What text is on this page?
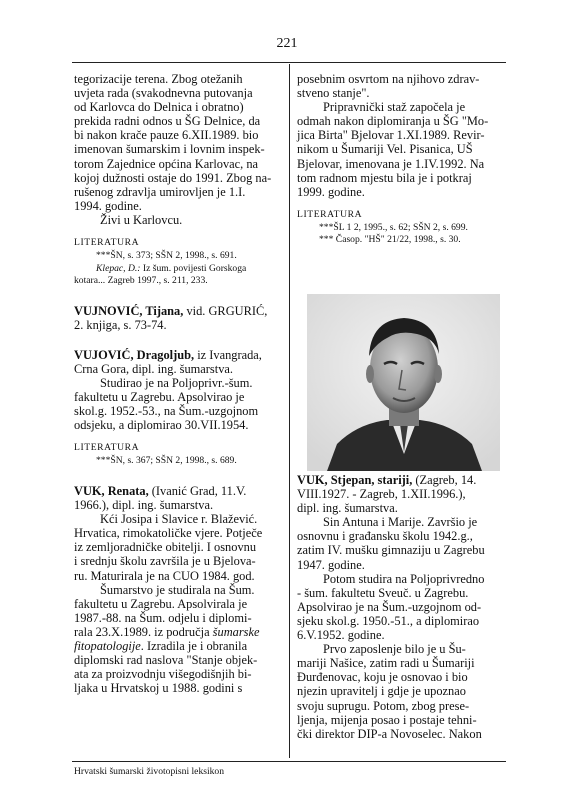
221
tegorizacije terena. Zbog otežanih
uvjeta rada (svakodnevna putovanja
od Karlovca do Delnica i obratno)
prekida radni odnos u ŠG Delnice, da
bi nakon krače pauze 6.XII.1989. bio
imenovan šumarskim i lovnim inspek-
torom Zajednice općina Karlovac, na
kojoj dužnosti ostaje do 1991. Zbog na-
rušenog zdravlja umirovljen je 1.I.
1994. godine.
Živi u Karlovcu.
LITERATURA
***ŠN, s. 373; SŠN 2, 1998., s. 691.
Klepac, D.: Iz šum. povijesti Gorskoga
kotara... Zagreb 1997., s. 211, 233.
VUJNOVIĆ, Tijana, vid. GRGURIĆ,
2. knjiga, s. 73-74.
VUJOVIĆ, Dragoljub, iz Ivangrada,
Crna Gora, dipl. ing. šumarstva.
Studirao je na Poljoprivr.-šum.
fakultetu u Zagrebu. Apsolvirao je
skol.g. 1952.-53., na Šum.-uzgojnom
odsjeku, a diplomirao 30.VII.1954.
LITERATURA
***ŠN, s. 367; SŠN 2, 1998., s. 689.
VUK, Renata, (Ivanić Grad, 11.V.
1966.), dipl. ing. šumarstva.
Kći Josipa i Slavice r. Blažević.
Hrvatica, rimokatoličke vjere. Potječe
iz zemljoradničke obitelji. I osnovnu
i srednju školu završila je u Bjelova-
ru. Maturirala je na CUO 1984. god.
Šumarstvo je studirala na Šum.
fakultetu u Zagrebu. Apsolvirala je
1987.-88. na Šum. odjelu i diplomi-
rala 23.X.1989. iz područja šumarske
fitopatologije. Izradila je i obranila
diplomski rad naslova "Stanje objek-
ata za proizvodnju višegodišnjih bi-
ljaka u Hrvatskoj u 1988. godini s
posebnim osvrtom na njihovo zdrav-
stveno stanje".
Pripravnički staž započela je
odmah nakon diplomiranja u ŠG "Mo-
jica Birta" Bjelovar 1.XI.1989. Revir-
nikom u Šumariji Vel. Pisanica, UŠ
Bjelovar, imenovana je 1.IV.1992. Na
tom radnom mjestu bila je i potkraj
1999. godine.
LITERATURA
***ŠL 1 2, 1995., s. 62; SŠN 2, s. 699.
*** Časop. "HŠ" 21/22, 1998., s. 30.
VUK, Stjepan, stariji, (Zagreb, 14.
VIII.1927. - Zagreb, 1.XII.1996.),
dipl. ing. šumarstva.
Sin Antuna i Marije. Završio je
osnovnu i građansku školu 1942.g.,
zatim IV. mušku gimnaziju u Zagrebu
1947. godine.
Potom studira na Poljoprivredno
- šum. fakultetu Sveuč. u Zagrebu.
Apsolvirao je na Šum.-uzgojnom od-
sjeku skol.g. 1950.-51., a diplomirao
6.V.1952. godine.
Prvo zaposlenje bilo je u Šu-
mariji Našice, zatim radi u Šumariji
Đurđenovac, koju je osnovao i bio
njezin upravitelj i gdje je upoznao
svoju suprugu. Potom, zbog prese-
ljenja, mijenja posao i postaje tehni-
čki direktor DIP-a Novoselec. Nakon
Hrvatski šumarski životopisni leksikon
